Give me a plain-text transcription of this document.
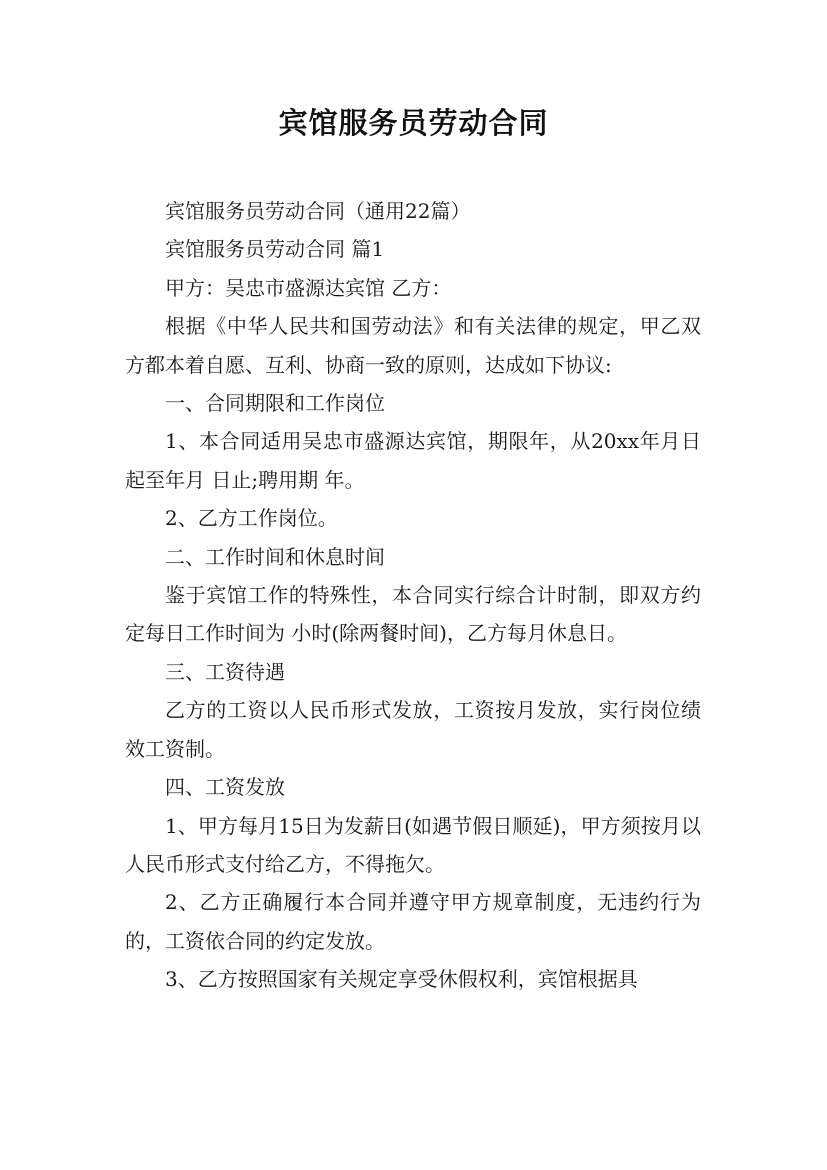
宾馆服务员劳动合同

宾馆服务员劳动合同（通用22篇）

宾馆服务员劳动合同 篇1

甲方：吴忠市盛源达宾馆 乙方：

根据《中华人民共和国劳动法》和有关法律的规定，甲乙双方都本着自愿、互利、协商一致的原则，达成如下协议:

一、合同期限和工作岗位

1、本合同适用吴忠市盛源达宾馆，期限年，从20xx年月日起至年月 日止;聘用期 年。

2、乙方工作岗位。

二、工作时间和休息时间

鉴于宾馆工作的特殊性，本合同实行综合计时制，即双方约定每日工作时间为 小时(除两餐时间)，乙方每月休息日。

三、工资待遇

乙方的工资以人民币形式发放，工资按月发放，实行岗位绩效工资制。

四、工资发放

1、甲方每月15日为发薪日(如遇节假日顺延)，甲方须按月以人民币形式支付给乙方，不得拖欠。

2、乙方正确履行本合同并遵守甲方规章制度，无违约行为的，工资依合同的约定发放。

3、乙方按照国家有关规定享受休假权利，宾馆根据具
